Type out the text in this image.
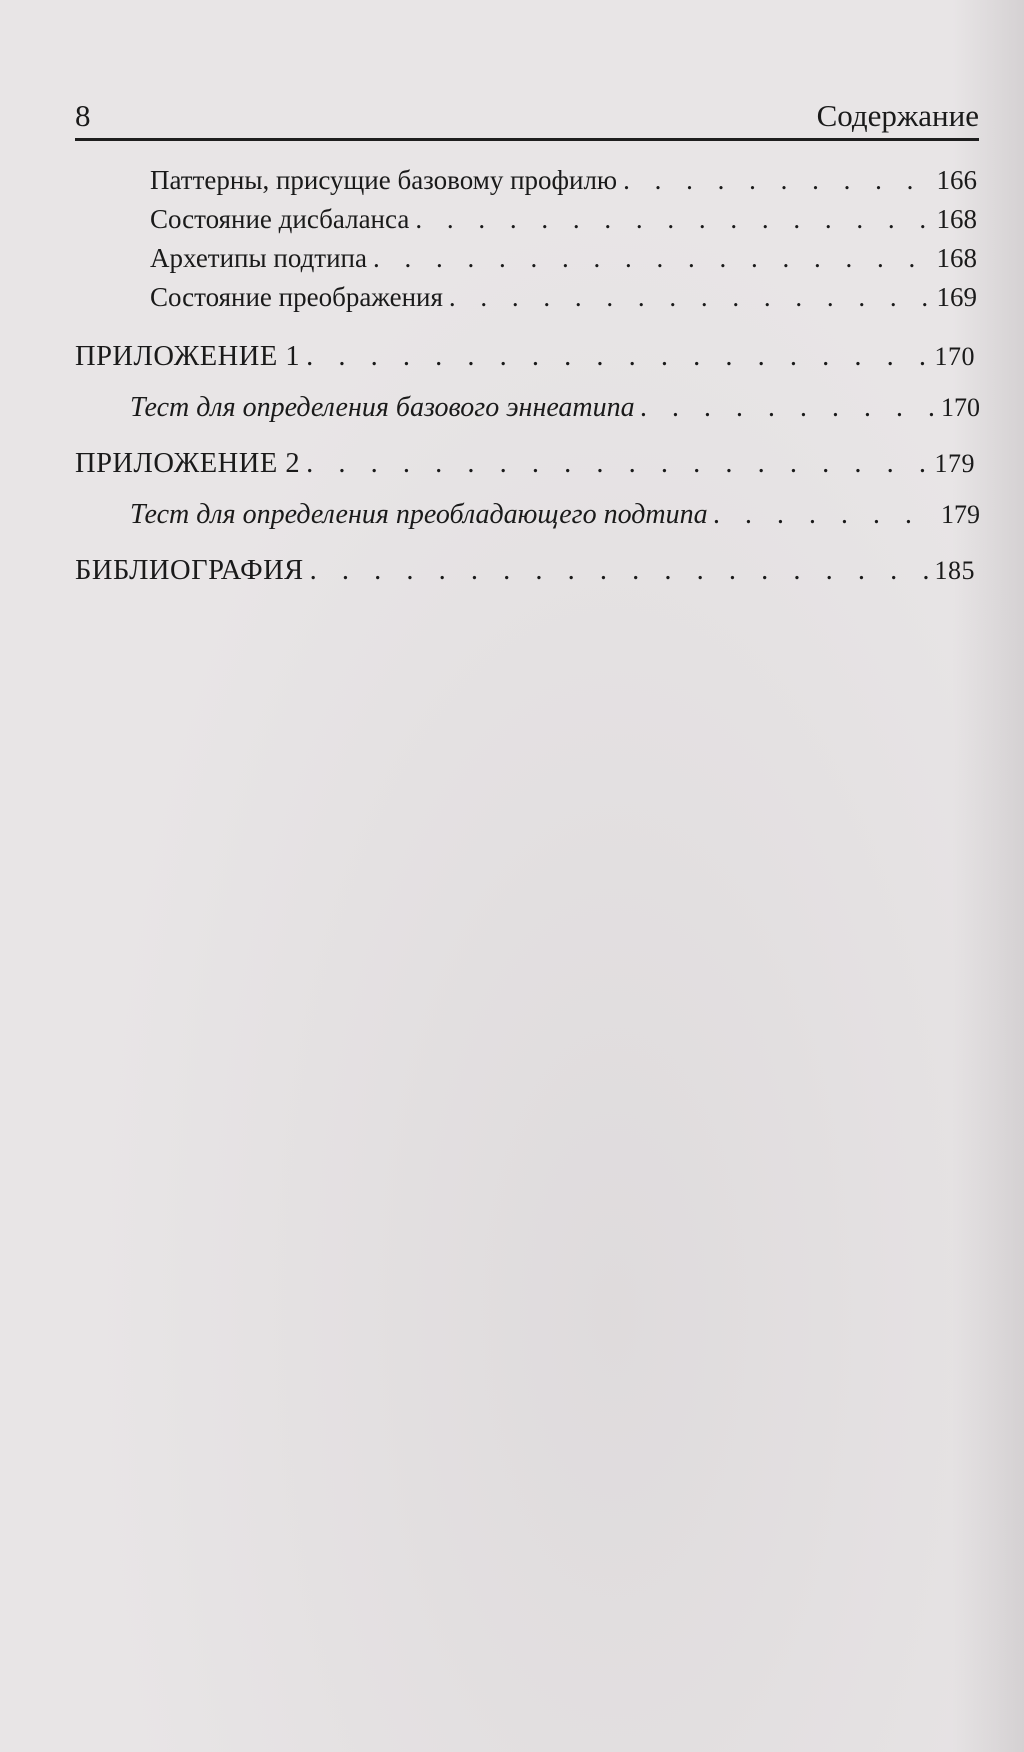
8	Содержание
Паттерны, присущие базовому профилю . . .	166
Состояние дисбаланса . . .	168
Архетипы подтипа . . .	168
Состояние преображения . . .	169
ПРИЛОЖЕНИЕ 1 . . .	170
Тест для определения базового эннеатипа . . .	170
ПРИЛОЖЕНИЕ 2 . . .	179
Тест для определения преобладающего подтипа . . .	179
БИБЛИОГРАФИЯ . . .	185
